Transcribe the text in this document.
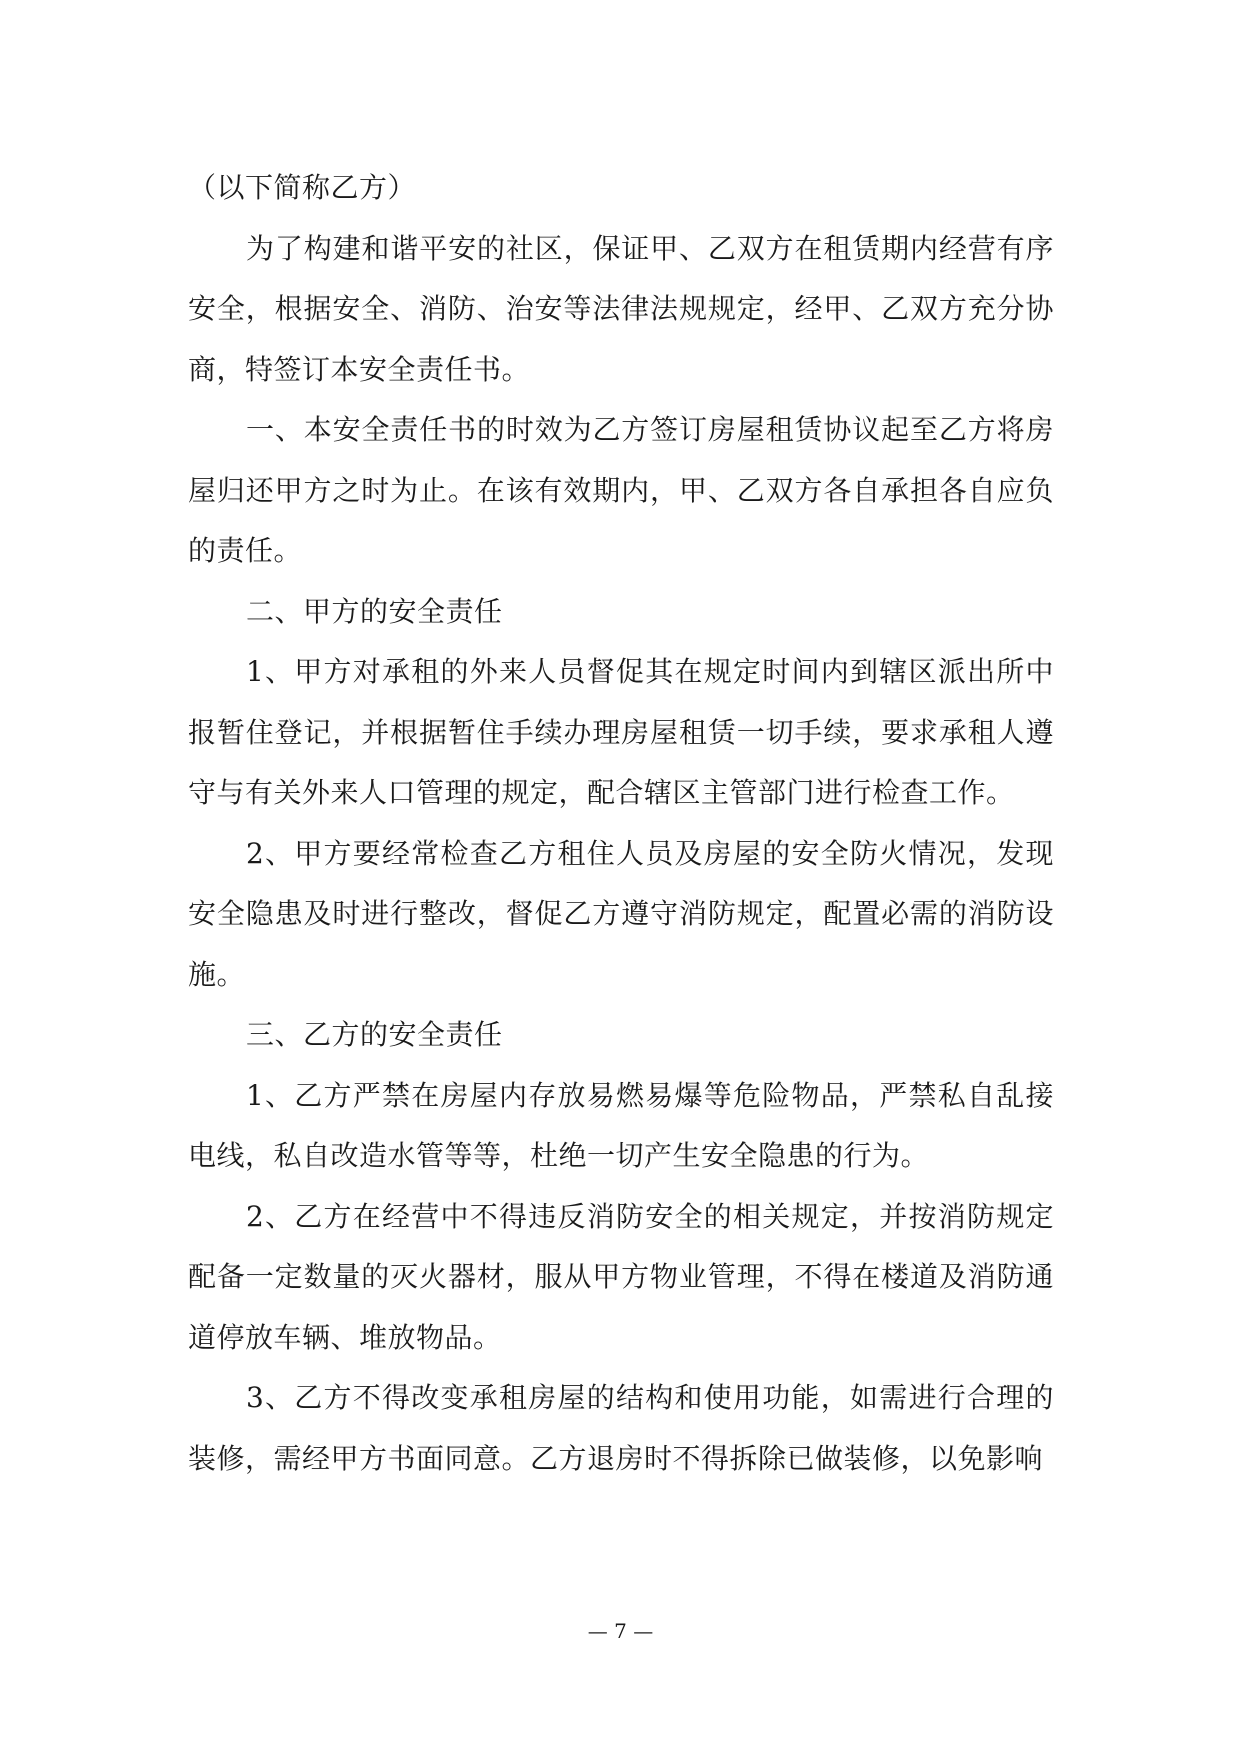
（以下简称乙方）

为了构建和谐平安的社区，保证甲、乙双方在租赁期内经营有序安全，根据安全、消防、治安等法律法规规定，经甲、乙双方充分协商，特签订本安全责任书。

一、本安全责任书的时效为乙方签订房屋租赁协议起至乙方将房屋归还甲方之时为止。在该有效期内，甲、乙双方各自承担各自应负的责任。

二、甲方的安全责任

1、甲方对承租的外来人员督促其在规定时间内到辖区派出所中报暂住登记，并根据暂住手续办理房屋租赁一切手续，要求承租人遵守与有关外来人口管理的规定，配合辖区主管部门进行检查工作。

2、甲方要经常检查乙方租住人员及房屋的安全防火情况，发现安全隐患及时进行整改，督促乙方遵守消防规定，配置必需的消防设施。

三、乙方的安全责任

1、乙方严禁在房屋内存放易燃易爆等危险物品，严禁私自乱接电线，私自改造水管等等，杜绝一切产生安全隐患的行为。

2、乙方在经营中不得违反消防安全的相关规定，并按消防规定配备一定数量的灭火器材，服从甲方物业管理，不得在楼道及消防通道停放车辆、堆放物品。

3、乙方不得改变承租房屋的结构和使用功能，如需进行合理的装修，需经甲方书面同意。乙方退房时不得拆除已做装修，以免影响

— 7 —
